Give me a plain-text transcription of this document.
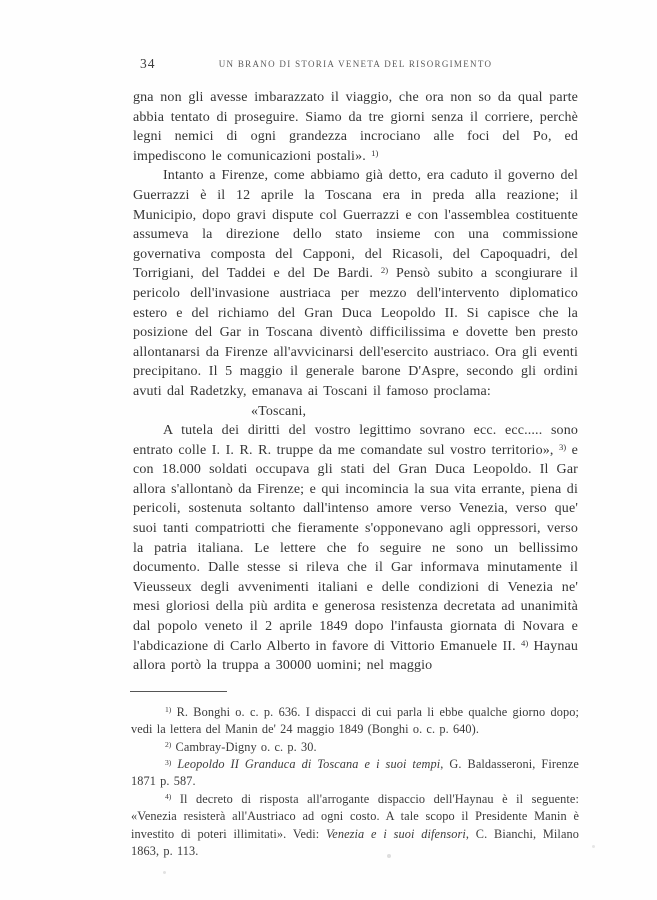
34	UN BRANO DI STORIA VENETA DEL RISORGIMENTO

gna non gli avesse imbarazzato il viaggio, che ora non so da qual parte abbia tentato di proseguire. Siamo da tre giorni senza il corriere, perchè legni nemici di ogni grandezza incrociano alle foci del Po, ed impediscono le comunicazioni postali». $^{1)}$

Intanto a Firenze, come abbiamo già detto, era caduto il governo del Guerrazzi è il 12 aprile la Toscana era in preda alla reazione; il Municipio, dopo gravi dispute col Guerrazzi e con l'assemblea costituente assumeva la direzione dello stato insieme con una commissione governativa composta del Capponi, del Ricasoli, del Capoquadri, del Torrigiani, del Taddei e del De Bardi. $^{2)}$ Pensò subito a scongiurare il pericolo dell'invasione austriaca per mezzo dell'intervento diplomatico estero e del richiamo del Gran Duca Leopoldo II. Si capisce che la posizione del Gar in Toscana diventò difficilissima e dovette ben presto allontanarsi da Firenze all'avvicinarsi dell'esercito austriaco. Ora gli eventi precipitano. Il 5 maggio il generale barone D'Aspre, secondo gli ordini avuti dal Radetzky, emanava ai Toscani il famoso proclama:

«Toscani,

A tutela dei diritti del vostro legittimo sovrano ecc. ecc..... sono entrato colle I. I. R. R. truppe da me comandate sul vostro territorio», $^{3)}$ e con 18.000 soldati occupava gli stati del Gran Duca Leopoldo. Il Gar allora s'allontanò da Firenze; e qui incomincia la sua vita errante, piena di pericoli, sostenuta soltanto dall'intenso amore verso Venezia, verso que' suoi tanti compatriotti che fieramente s'opponevano agli oppressori, verso la patria italiana. Le lettere che fo seguire ne sono un bellissimo documento. Dalle stesse si rileva che il Gar informava minutamente il Vieusseux degli avvenimenti italiani e delle condizioni di Venezia ne' mesi gloriosi della più ardita e generosa resistenza decretata ad unanimità dal popolo veneto il 2 aprile 1849 dopo l'infausta giornata di Novara e l'abdicazione di Carlo Alberto in favore di Vittorio Emanuele II. $^{4)}$ Haynau allora portò la truppa a 30000 uomini; nel maggio

$^{1)}$ R. Bonghi o. c. p. 636. I dispacci di cui parla li ebbe qualche giorno dopo; vedi la lettera del Manin de' 24 maggio 1849 (Bonghi o. c. p. 640).

$^{2)}$ Cambray-Digny o. c. p. 30.

$^{3)}$ Leopoldo II Granduca di Toscana e i suoi tempi, G. Baldasseroni, Firenze 1871 p. 587.

$^{4)}$ Il decreto di risposta all'arrogante dispaccio dell'Haynau è il seguente: «Venezia resisterà all'Austriaco ad ogni costo. A tale scopo il Presidente Manin è investito di poteri illimitati». Vedi: Venezia e i suoi difensori, C. Bianchi, Milano 1863, p. 113.
